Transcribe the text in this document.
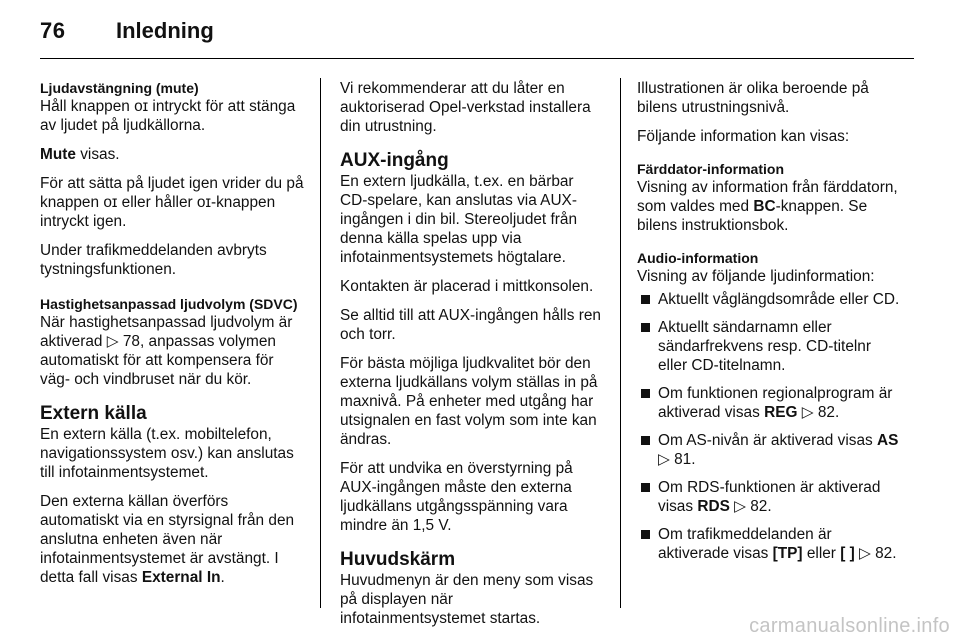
76 Inledning
Ljudavstängning (mute)

Håll knappen ᴏɪ intryckt för att stänga av ljudet på ljudkällorna.

Mute visas.

För att sätta på ljudet igen vrider du på knappen ᴏɪ eller håller ᴏɪ-knappen intryckt igen.

Under trafikmeddelanden avbryts tystningsfunktionen.

Hastighetsanpassad ljudvolym (SDVC)

När hastighetsanpassad ljudvolym är aktiverad ▷ 78, anpassas volymen automatiskt för att kompensera för väg- och vindbruset när du kör.

Extern källa

En extern källa (t.ex. mobiltelefon, navigationssystem osv.) kan anslutas till infotainmentsystemet.

Den externa källan överförs automatiskt via en styrsignal från den anslutna enheten även när infotainmentsystemet är avstängt. I detta fall visas External In.

Vi rekommenderar att du låter en auktoriserad Opel-verkstad installera din utrustning.

AUX-ingång

En extern ljudkälla, t.ex. en bärbar CD-spelare, kan anslutas via AUX-ingången i din bil. Stereoljudet från denna källa spelas upp via infotainmentsystemets högtalare.

Kontakten är placerad i mittkonsolen.

Se alltid till att AUX-ingången hålls ren och torr.

För bästa möjliga ljudkvalitet bör den externa ljudkällans volym ställas in på maxnivå. På enheter med utgång har utsignalen en fast volym som inte kan ändras.

För att undvika en överstyrning på AUX-ingången måste den externa ljudkällans utgångsspänning vara mindre än 1,5 V.

Huvudskärm

Huvudmenyn är den meny som visas på displayen när infotainmentsystemet startas.

Illustrationen är olika beroende på bilens utrustningsnivå.

Följande information kan visas:

Färddator-information

Visning av information från färddatorn, som valdes med BC-knappen. Se bilens instruktionsbok.

Audio-information

Visning av följande ljudinformation:

Aktuellt våglängdsområde eller CD.
Aktuellt sändarnamn eller sändarfrekvens resp. CD-titelnr eller CD-titelnamn.
Om funktionen regionalprogram är aktiverad visas REG ▷ 82.
Om AS-nivån är aktiverad visas AS ▷ 81.
Om RDS-funktionen är aktiverad visas RDS ▷ 82.
Om trafikmeddelanden är aktiverade visas [TP] eller [ ] ▷ 82.
carmanualsonline.info
